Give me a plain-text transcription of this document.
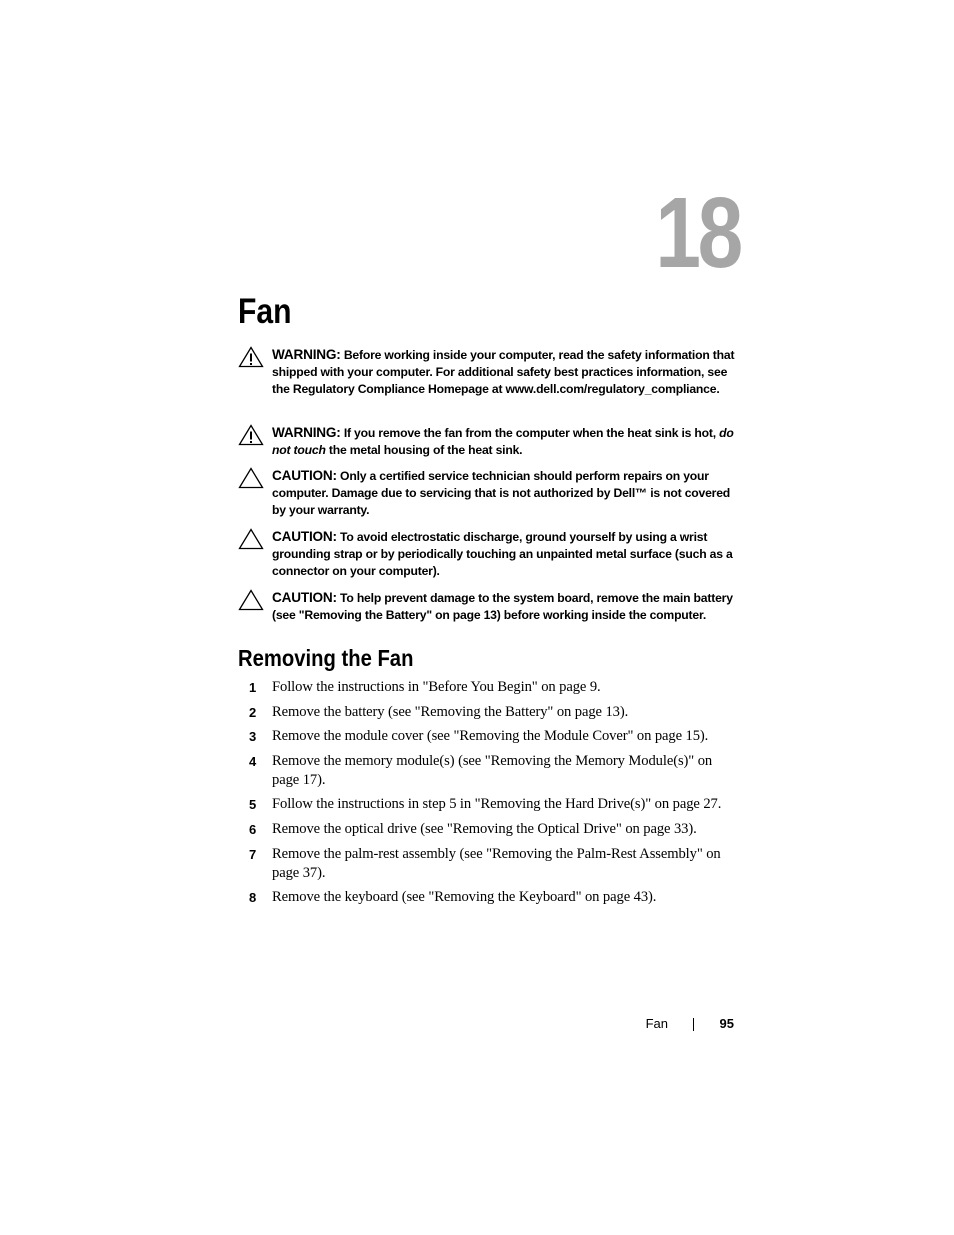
18
Fan
WARNING: Before working inside your computer, read the safety information that shipped with your computer. For additional safety best practices information, see the Regulatory Compliance Homepage at www.dell.com/regulatory_compliance.
WARNING: If you remove the fan from the computer when the heat sink is hot, do not touch the metal housing of the heat sink.
CAUTION: Only a certified service technician should perform repairs on your computer. Damage due to servicing that is not authorized by Dell™ is not covered by your warranty.
CAUTION: To avoid electrostatic discharge, ground yourself by using a wrist grounding strap or by periodically touching an unpainted metal surface (such as a connector on your computer).
CAUTION: To help prevent damage to the system board, remove the main battery (see "Removing the Battery" on page 13) before working inside the computer.
Removing the Fan
1 Follow the instructions in "Before You Begin" on page 9.
2 Remove the battery (see "Removing the Battery" on page 13).
3 Remove the module cover (see "Removing the Module Cover" on page 15).
4 Remove the memory module(s) (see "Removing the Memory Module(s)" on page 17).
5 Follow the instructions in step 5 in "Removing the Hard Drive(s)" on page 27.
6 Remove the optical drive (see "Removing the Optical Drive" on page 33).
7 Remove the palm-rest assembly (see "Removing the Palm-Rest Assembly" on page 37).
8 Remove the keyboard (see "Removing the Keyboard" on page 43).
Fan	95
